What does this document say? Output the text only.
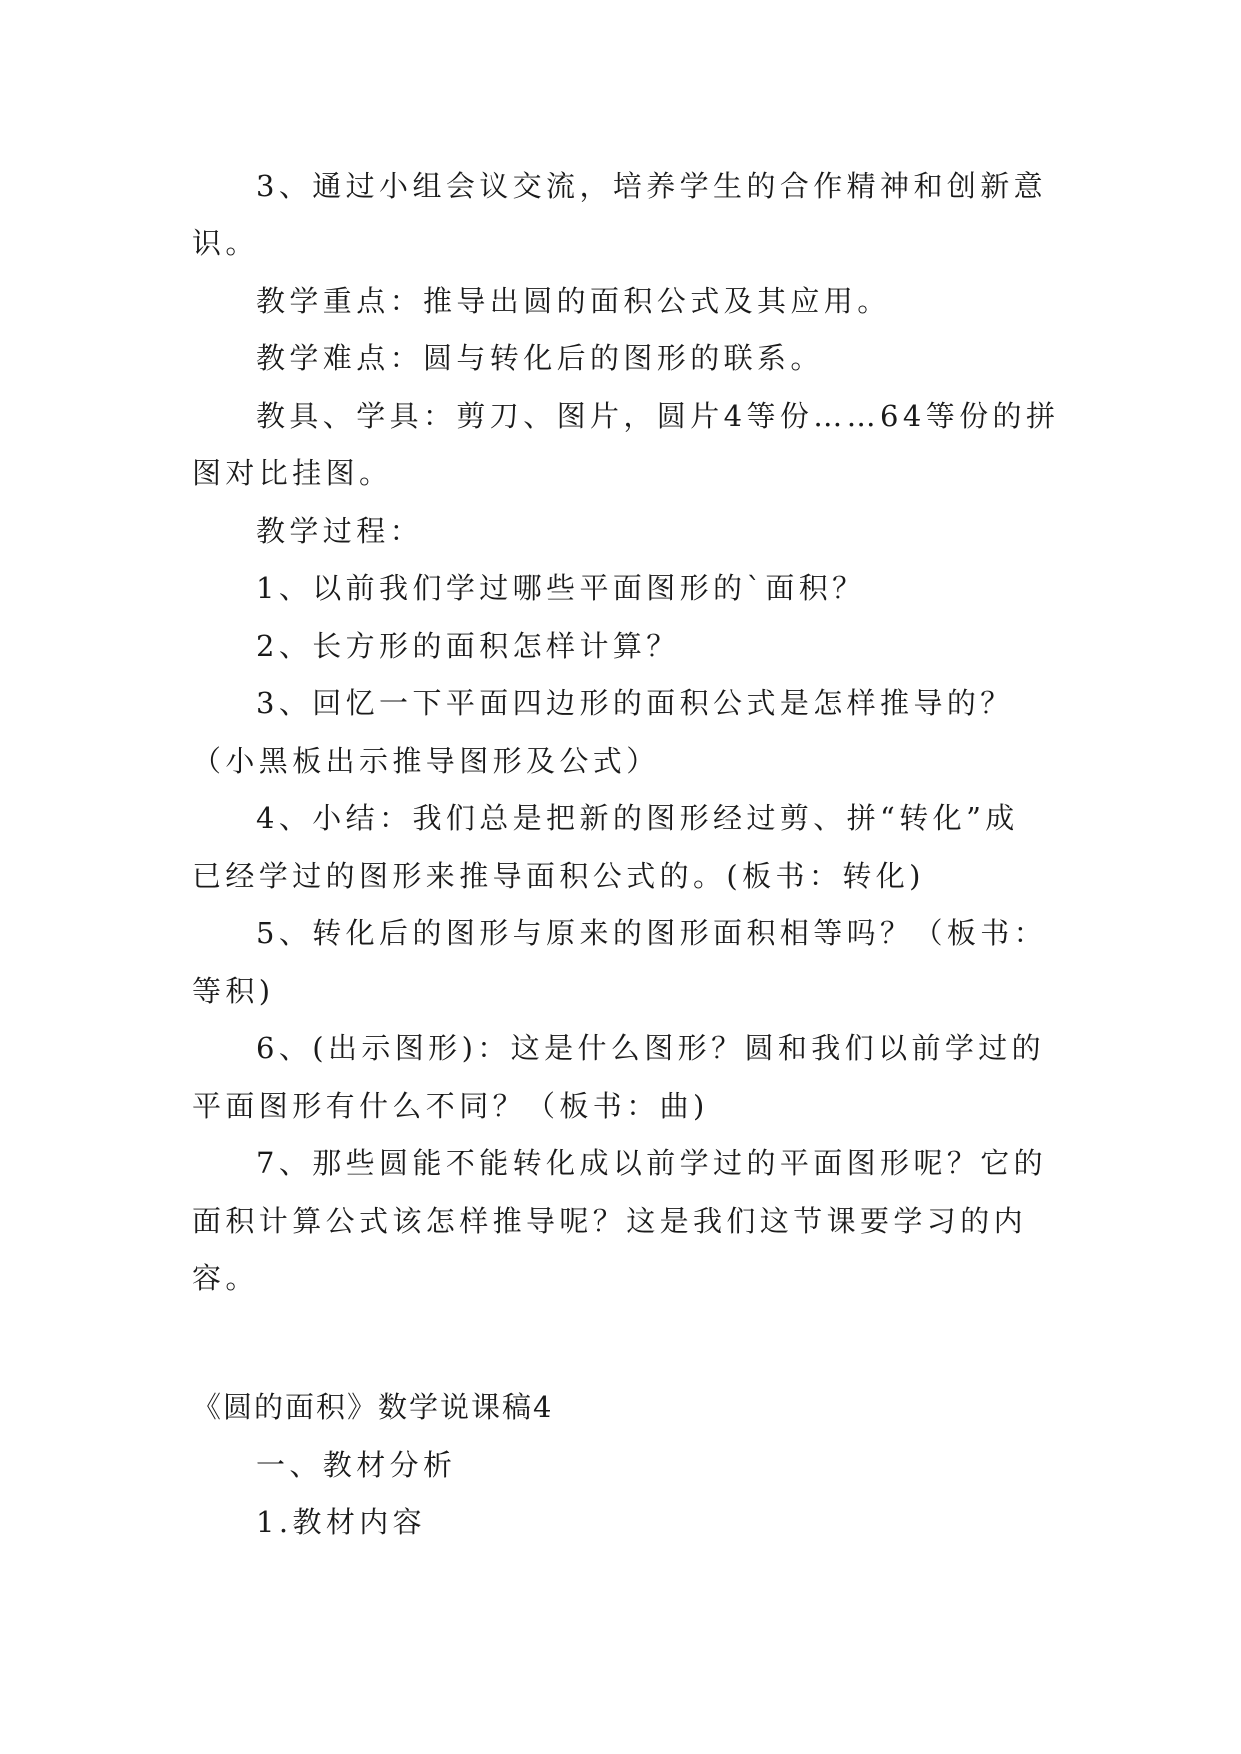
3、通过小组会议交流，培养学生的合作精神和创新意
识。
教学重点：推导出圆的面积公式及其应用。
教学难点：圆与转化后的图形的联系。
教具、学具：剪刀、图片，圆片4等份……64等份的拼
图对比挂图。
教学过程：
1、以前我们学过哪些平面图形的`面积？
2、长方形的面积怎样计算？
3、回忆一下平面四边形的面积公式是怎样推导的？
（小黑板出示推导图形及公式）
4、小结：我们总是把新的图形经过剪、拼“转化”成
已经学过的图形来推导面积公式的。(板书：转化)
5、转化后的图形与原来的图形面积相等吗？（板书：
等积)
6、(出示图形)：这是什么图形？圆和我们以前学过的
平面图形有什么不同？（板书：曲)
7、那些圆能不能转化成以前学过的平面图形呢？它的
面积计算公式该怎样推导呢？这是我们这节课要学习的内
容。
《圆的面积》数学说课稿4
一、教材分析
1.教材内容
